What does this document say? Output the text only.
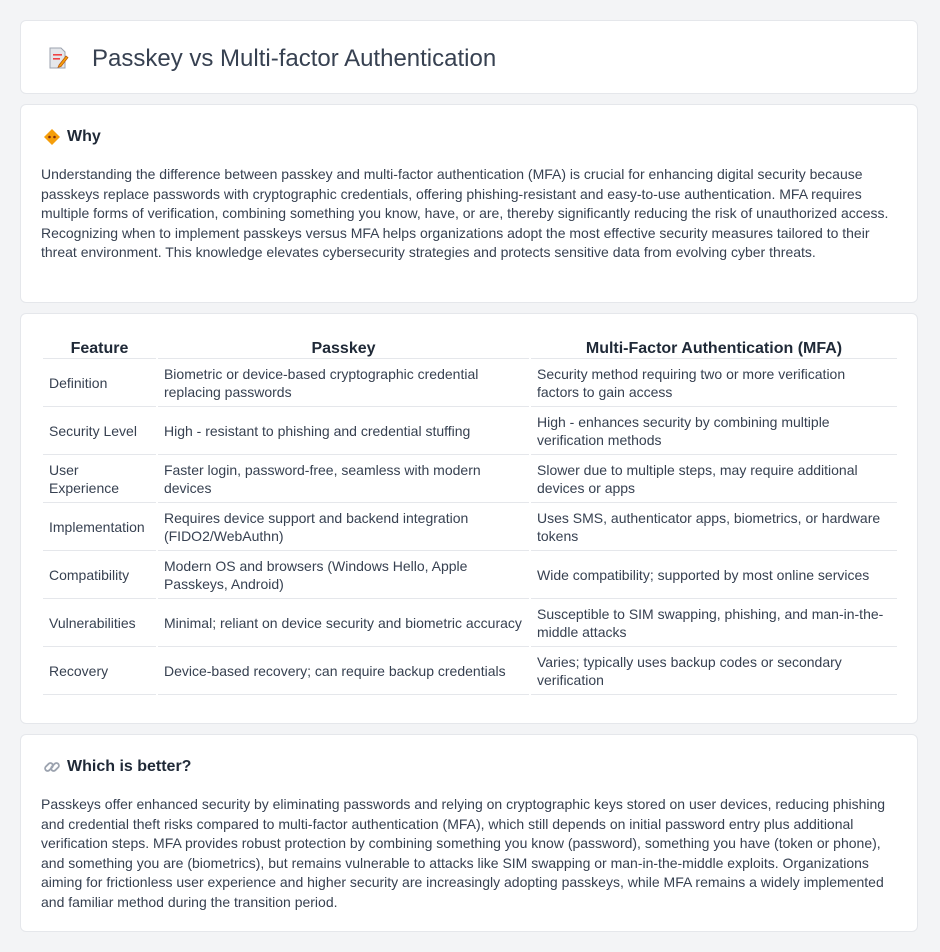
Passkey vs Multi-factor Authentication
Why

Understanding the difference between passkey and multi-factor authentication (MFA) is crucial for enhancing digital security because passkeys replace passwords with cryptographic credentials, offering phishing-resistant and easy-to-use authentication. MFA requires multiple forms of verification, combining something you know, have, or are, thereby significantly reducing the risk of unauthorized access. Recognizing when to implement passkeys versus MFA helps organizations adopt the most effective security measures tailored to their threat environment. This knowledge elevates cybersecurity strategies and protects sensitive data from evolving cyber threats.

Feature	Passkey	Multi-Factor Authentication (MFA)
Definition	Biometric or device-based cryptographic credential replacing passwords	Security method requiring two or more verification factors to gain access
Security Level	High - resistant to phishing and credential stuffing	High - enhances security by combining multiple verification methods
User Experience	Faster login, password-free, seamless with modern devices	Slower due to multiple steps, may require additional devices or apps
Implementation	Requires device support and backend integration (FIDO2/WebAuthn)	Uses SMS, authenticator apps, biometrics, or hardware tokens
Compatibility	Modern OS and browsers (Windows Hello, Apple Passkeys, Android)	Wide compatibility; supported by most online services
Vulnerabilities	Minimal; reliant on device security and biometric accuracy	Susceptible to SIM swapping, phishing, and man-in-the-middle attacks
Recovery	Device-based recovery; can require backup credentials	Varies; typically uses backup codes or secondary verification
Which is better?

Passkeys offer enhanced security by eliminating passwords and relying on cryptographic keys stored on user devices, reducing phishing and credential theft risks compared to multi-factor authentication (MFA), which still depends on initial password entry plus additional verification steps. MFA provides robust protection by combining something you know (password), something you have (token or phone), and something you are (biometrics), but remains vulnerable to attacks like SIM swapping or man-in-the-middle exploits. Organizations aiming for frictionless user experience and higher security are increasingly adopting passkeys, while MFA remains a widely implemented and familiar method during the transition period.
